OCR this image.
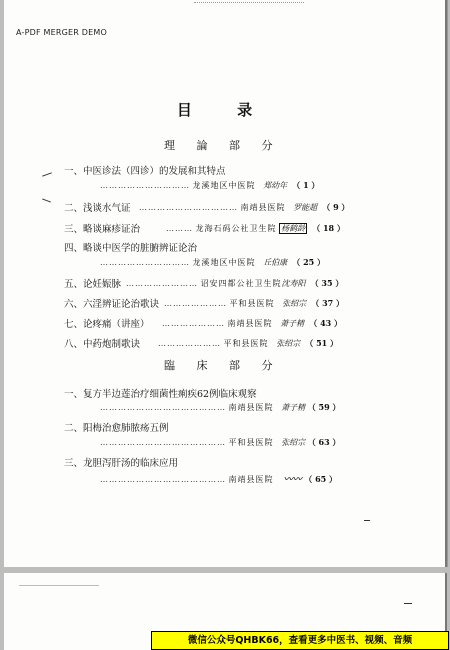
A-PDF MERGER DEMO
目 录
理 論 部 分
一、中医诊法（四诊）的发展和其特点
………………………… 龙溪地区中医院 郑幼年 （ 1 ）
二、浅谈水气证 …………………………… 南靖县医院 罗能超 （ 9 ）
三、略谈麻疹证治	……… 龙海石码公社卫生院 杨鹤龄 （ 18 ）
四、略谈中医学的脏腑辨证论治
………………………… 龙溪地区中医院 丘伯康 （ 25 ）
五、论妊娠脉 …………………… 诏安四都公社卫生院沈寿阳 （ 35 ）
六、六淫辨证论治歌诀 ………………… 平和县医院 张绍宗 （ 37 ）
七、论疼痛（讲座） ………………… 南靖县医院 萧子精 （ 43 ）
八、中药炮制歌诀 ………………… 平和县医院 张绍宗 （ 51 ）
臨 床 部 分
一、复方半边莲治疗细菌性痢疾62例临床观察
…………………………………… 南靖县医院 萧子精 （ 59 ）
二、阳梅治愈肺脓疡五例
…………………………………… 平和县医院 张绍宗 （ 63 ）
三、龙胆泻肝汤的临床应用
…………………………………… 南靖县医院 〰〰 （ 65 ）
微信公众号QHBK66，查看更多中医书、视频、音频
